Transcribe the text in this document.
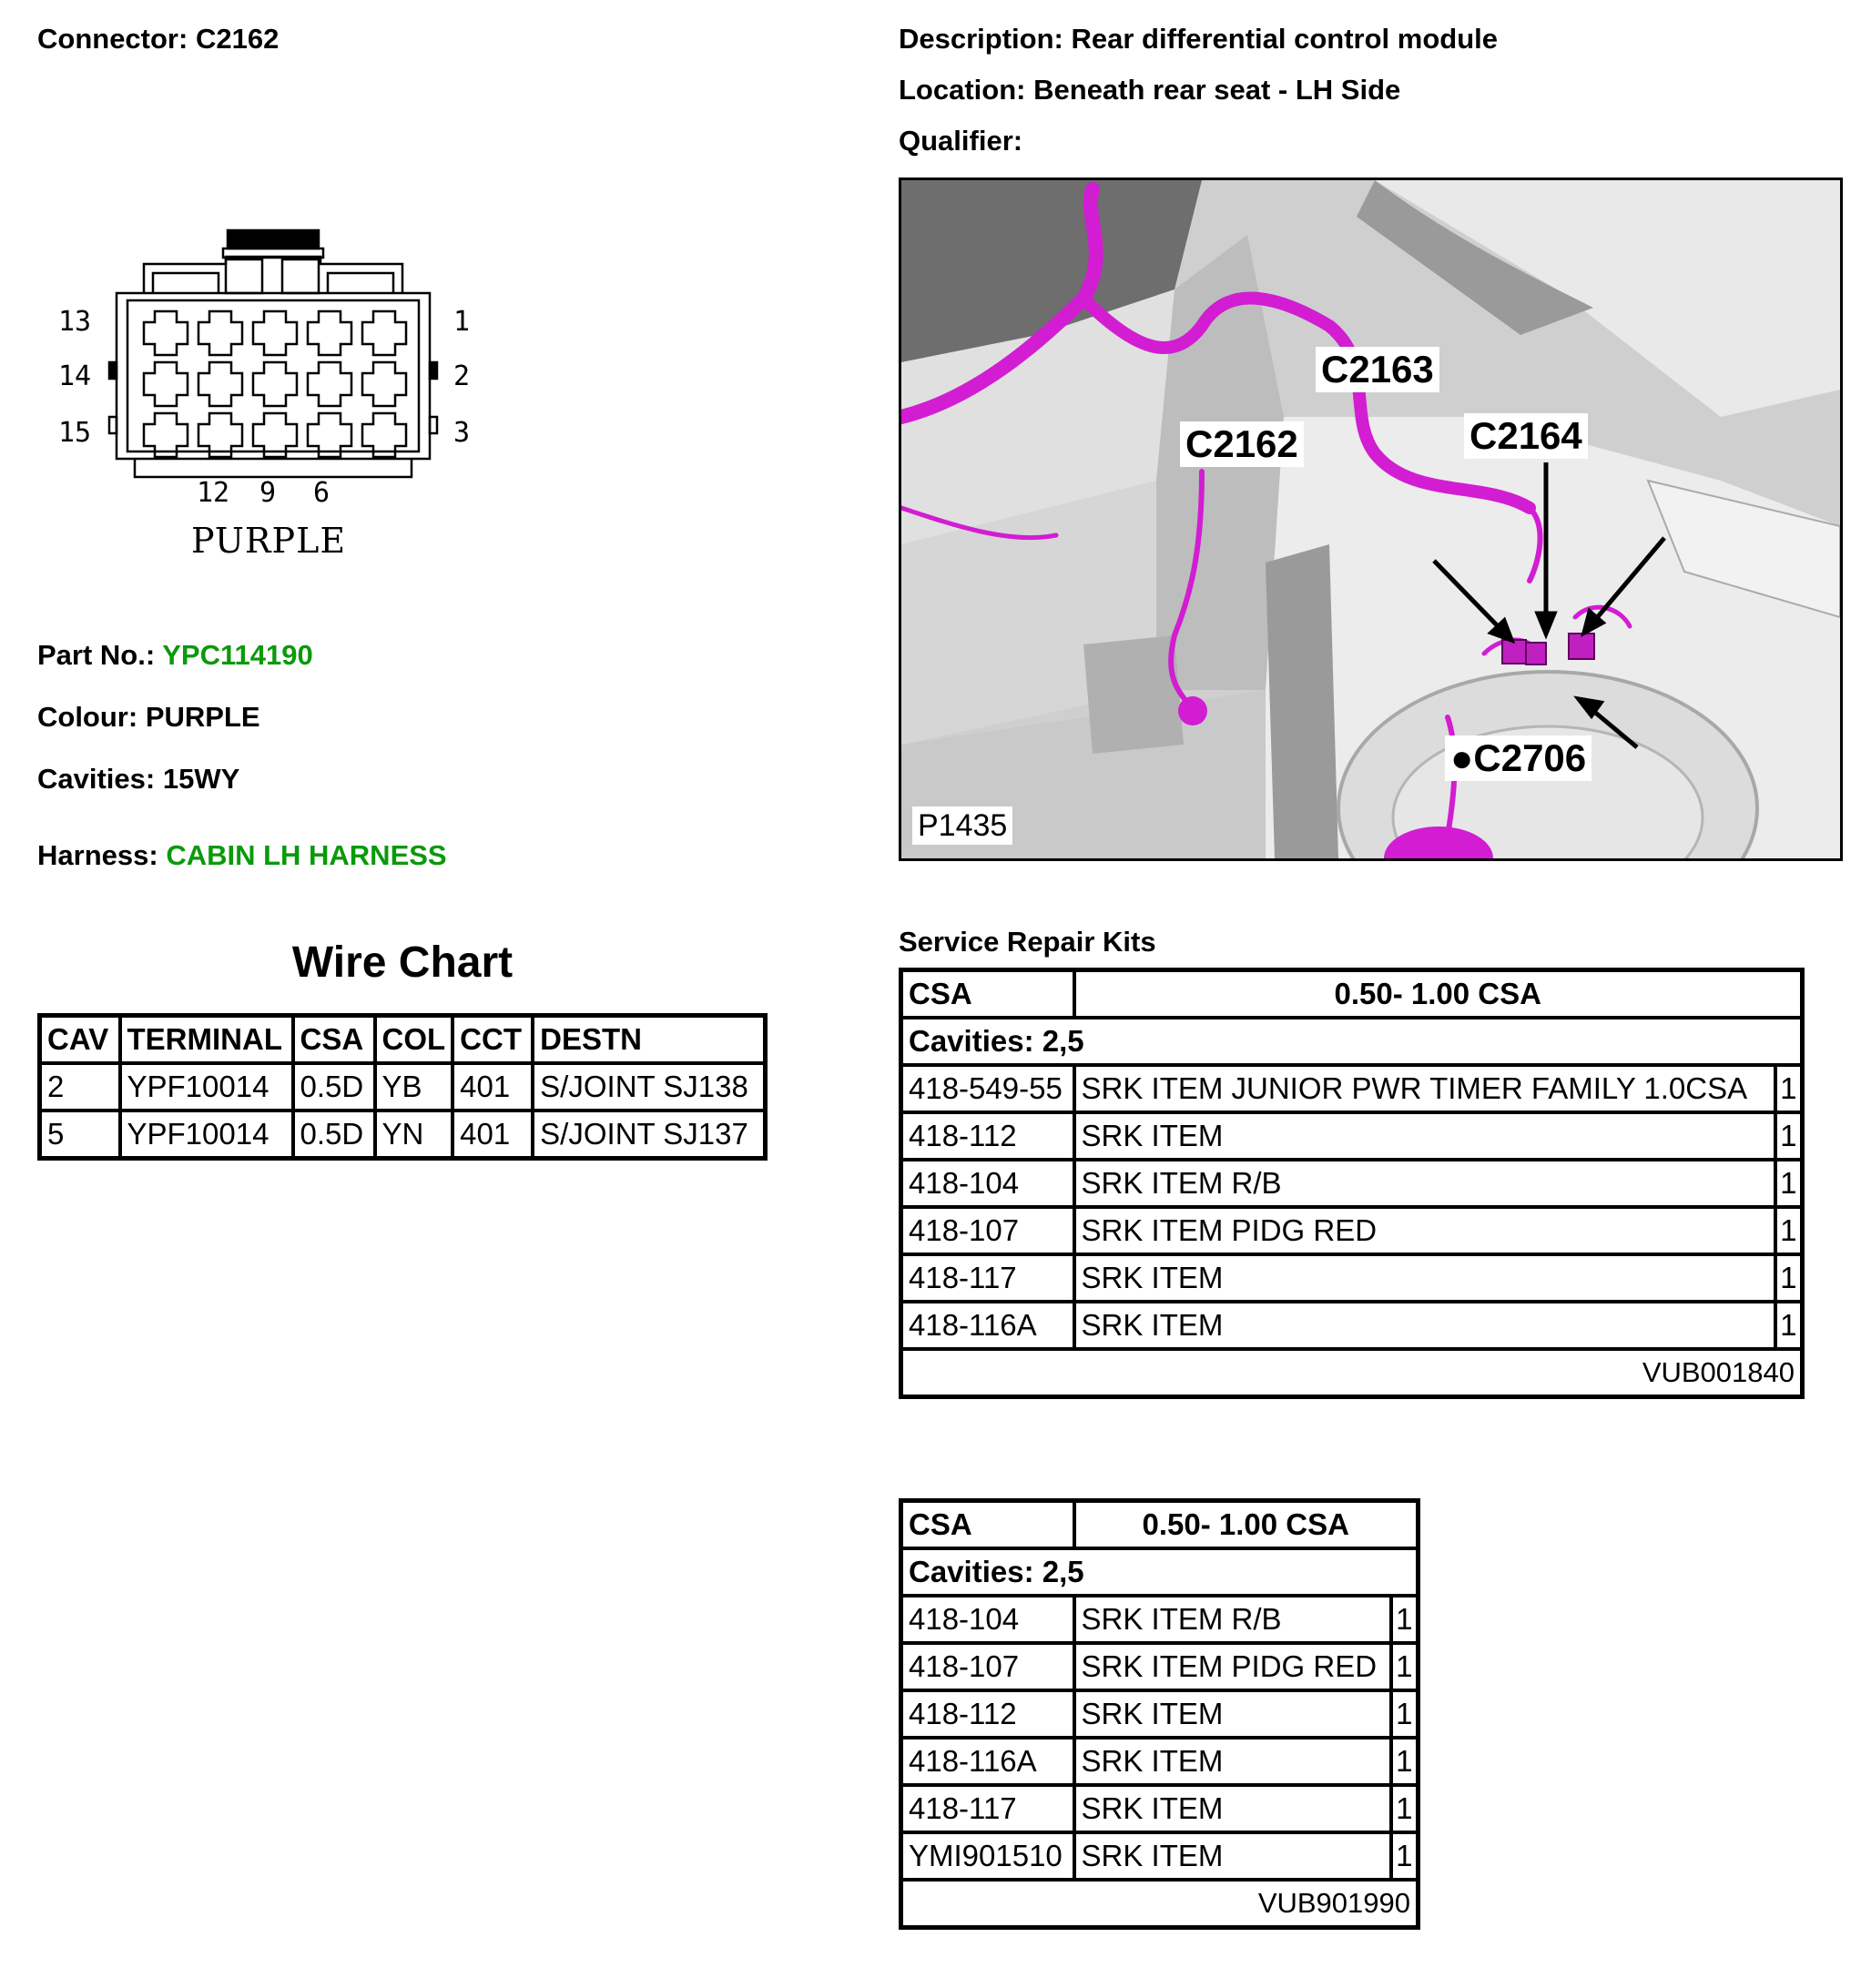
Connector: C2162	Description: Rear differential control module
Location: Beneath rear seat - LH Side
Qualifier:
13
14
15
1
2
3
12 9 6
PURPLE
Part No.: YPC114190
Colour: PURPLE
Cavities: 15WY
Harness: CABIN LH HARNESS
C2163
C2162	C2164
●C2706
P1435
Wire Chart
CAV	TERMINAL	CSA	COL	CCT	DESTN
2	YPF10014	0.5D	YB	401	S/JOINT SJ138
5	YPF10014	0.5D	YN	401	S/JOINT SJ137
Service Repair Kits
CSA	0.50- 1.00 CSA	
Cavities: 2,5		
418-549-55	SRK ITEM JUNIOR PWR TIMER FAMILY 1.0CSA	1
418-112	SRK ITEM	1
418-104	SRK ITEM R/B	1
418-107	SRK ITEM PIDG RED	1
418-117	SRK ITEM	1
418-116A	SRK ITEM	1
VUB001840		
CSA	0.50- 1.00 CSA	
Cavities: 2,5		
418-104	SRK ITEM R/B	1
418-107	SRK ITEM PIDG RED	1
418-112	SRK ITEM	1
418-116A	SRK ITEM	1
418-117	SRK ITEM	1
YMI901510	SRK ITEM	1
VUB901990		
